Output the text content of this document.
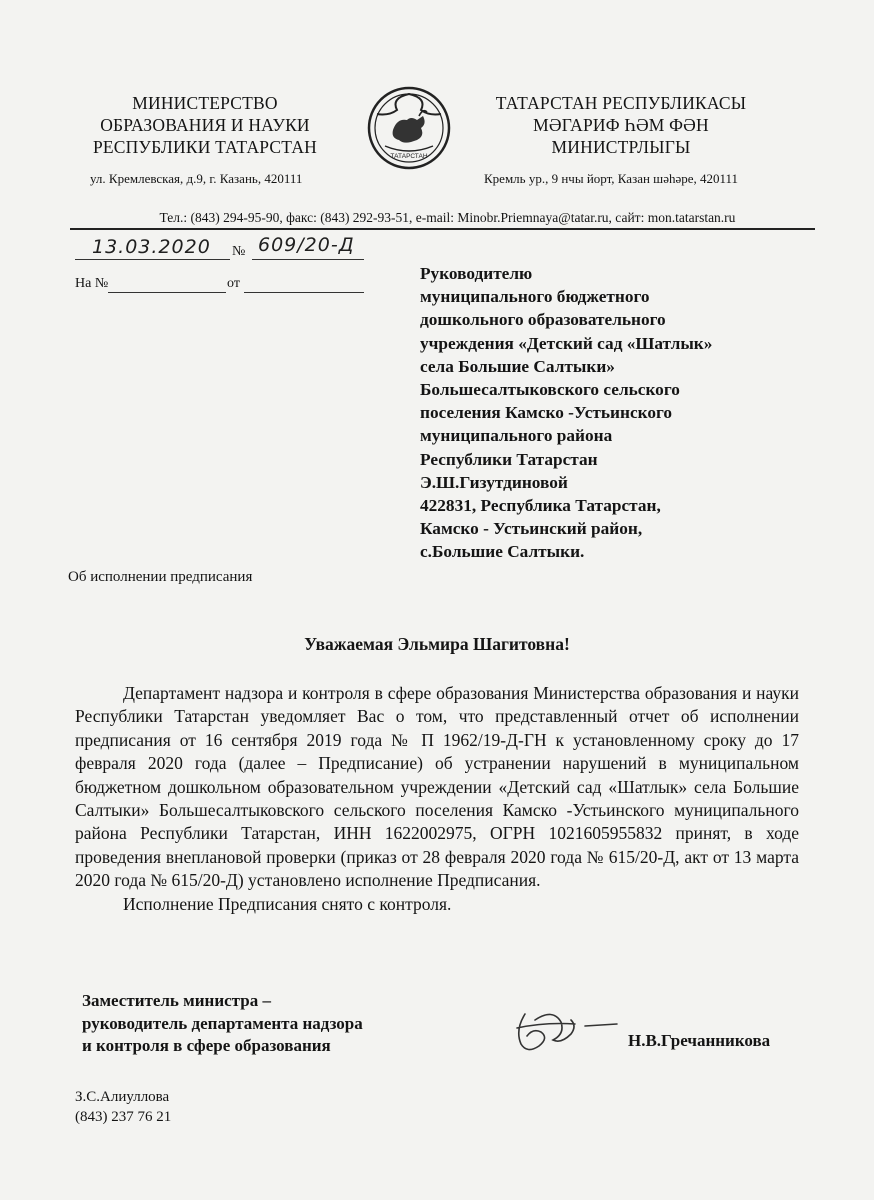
МИНИСТЕРСТВО
ОБРАЗОВАНИЯ И НАУКИ
РЕСПУБЛИКИ ТАТАРСТАН	ТАТАРСТАН
ТАТАРСТАН РЕСПУБЛИКАСЫ
МӘГАРИФ ҺӘМ ФӘН
МИНИСТРЛЫГЫ
ул. Кремлевская, д.9, г. Казань, 420111	Кремль ур., 9 нчы йорт, Казан шәһәре, 420111
Тел.: (843) 294-95-90, факс: (843) 292-93-51, e-mail: Minobr.Priemnaya@tatar.ru, сайт: mon.tatarstan.ru
13.03.2020 № 609/20-Д
На №	от
Руководителю
муниципального бюджетного
дошкольного образовательного
учреждения «Детский сад «Шатлык»
села Большие Салтыки»
Большесалтыковского сельского
поселения Камско -Устьинского
муниципального района
Республики Татарстан
Э.Ш.Гизутдиновой
422831, Республика Татарстан,
Камско - Устьинский район,
с.Большие Салтыки.
Об исполнении предписания
Уважаемая Эльмира Шагитовна!

Департамент надзора и контроля в сфере образования Министерства образования и науки Республики Татарстан уведомляет Вас о том, что представленный отчет об исполнении предписания от 16 сентября 2019 года № П 1962/19-Д-ГН к установленному сроку до 17 февраля 2020 года (далее – Предписание) об устранении нарушений в муниципальном бюджетном дошкольном образовательном учреждении «Детский сад «Шатлык» села Большие Салтыки» Большесалтыковского сельского поселения Камско -Устьинского муниципального района Республики Татарстан, ИНН 1622002975, ОГРН 1021605955832 принят, в ходе проведения внеплановой проверки (приказ от 28 февраля 2020 года № 615/20-Д, акт от 13 марта 2020 года № 615/20-Д) установлено исполнение Предписания.

Исполнение Предписания снято с контроля.

Заместитель министра –
руководитель департамента надзора
и контроля в сфере образования	Н.В.Гречанникова
З.С.Алиуллова
(843) 237 76 21
